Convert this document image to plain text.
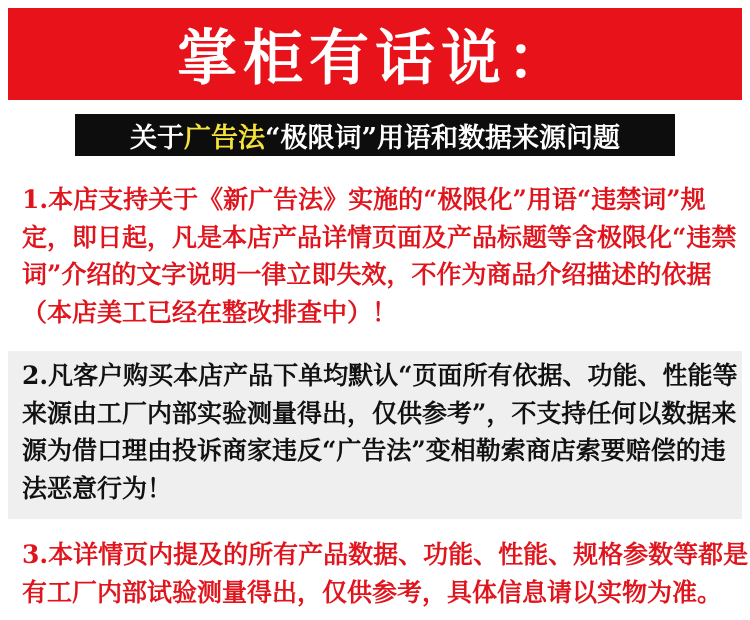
掌柜有话说：
关于 广告法 “极限词” 用语和数据来源问题
1.本店支持关于《新广告法》实施的“极限化”用语“违禁词”规
定，即日起，凡是本店产品详情页面及产品标题等含极限化“违禁
词”介绍的文字说明一律立即失效，不作为商品介绍描述的依据
（本店美工已经在整改排查中）！
2.凡客户购买本店产品下单均默认“页面所有依据、功能、性能等
来源由工厂内部实验测量得出，仅供参考”，不支持任何以数据来
源为借口理由投诉商家违反“广告法”变相勒索商店索要赔偿的违
法恶意行为！
3.本详情页内提及的所有产品数据、功能、性能、规格参数等都是
有工厂内部试验测量得出，仅供参考，具体信息请以实物为准。
